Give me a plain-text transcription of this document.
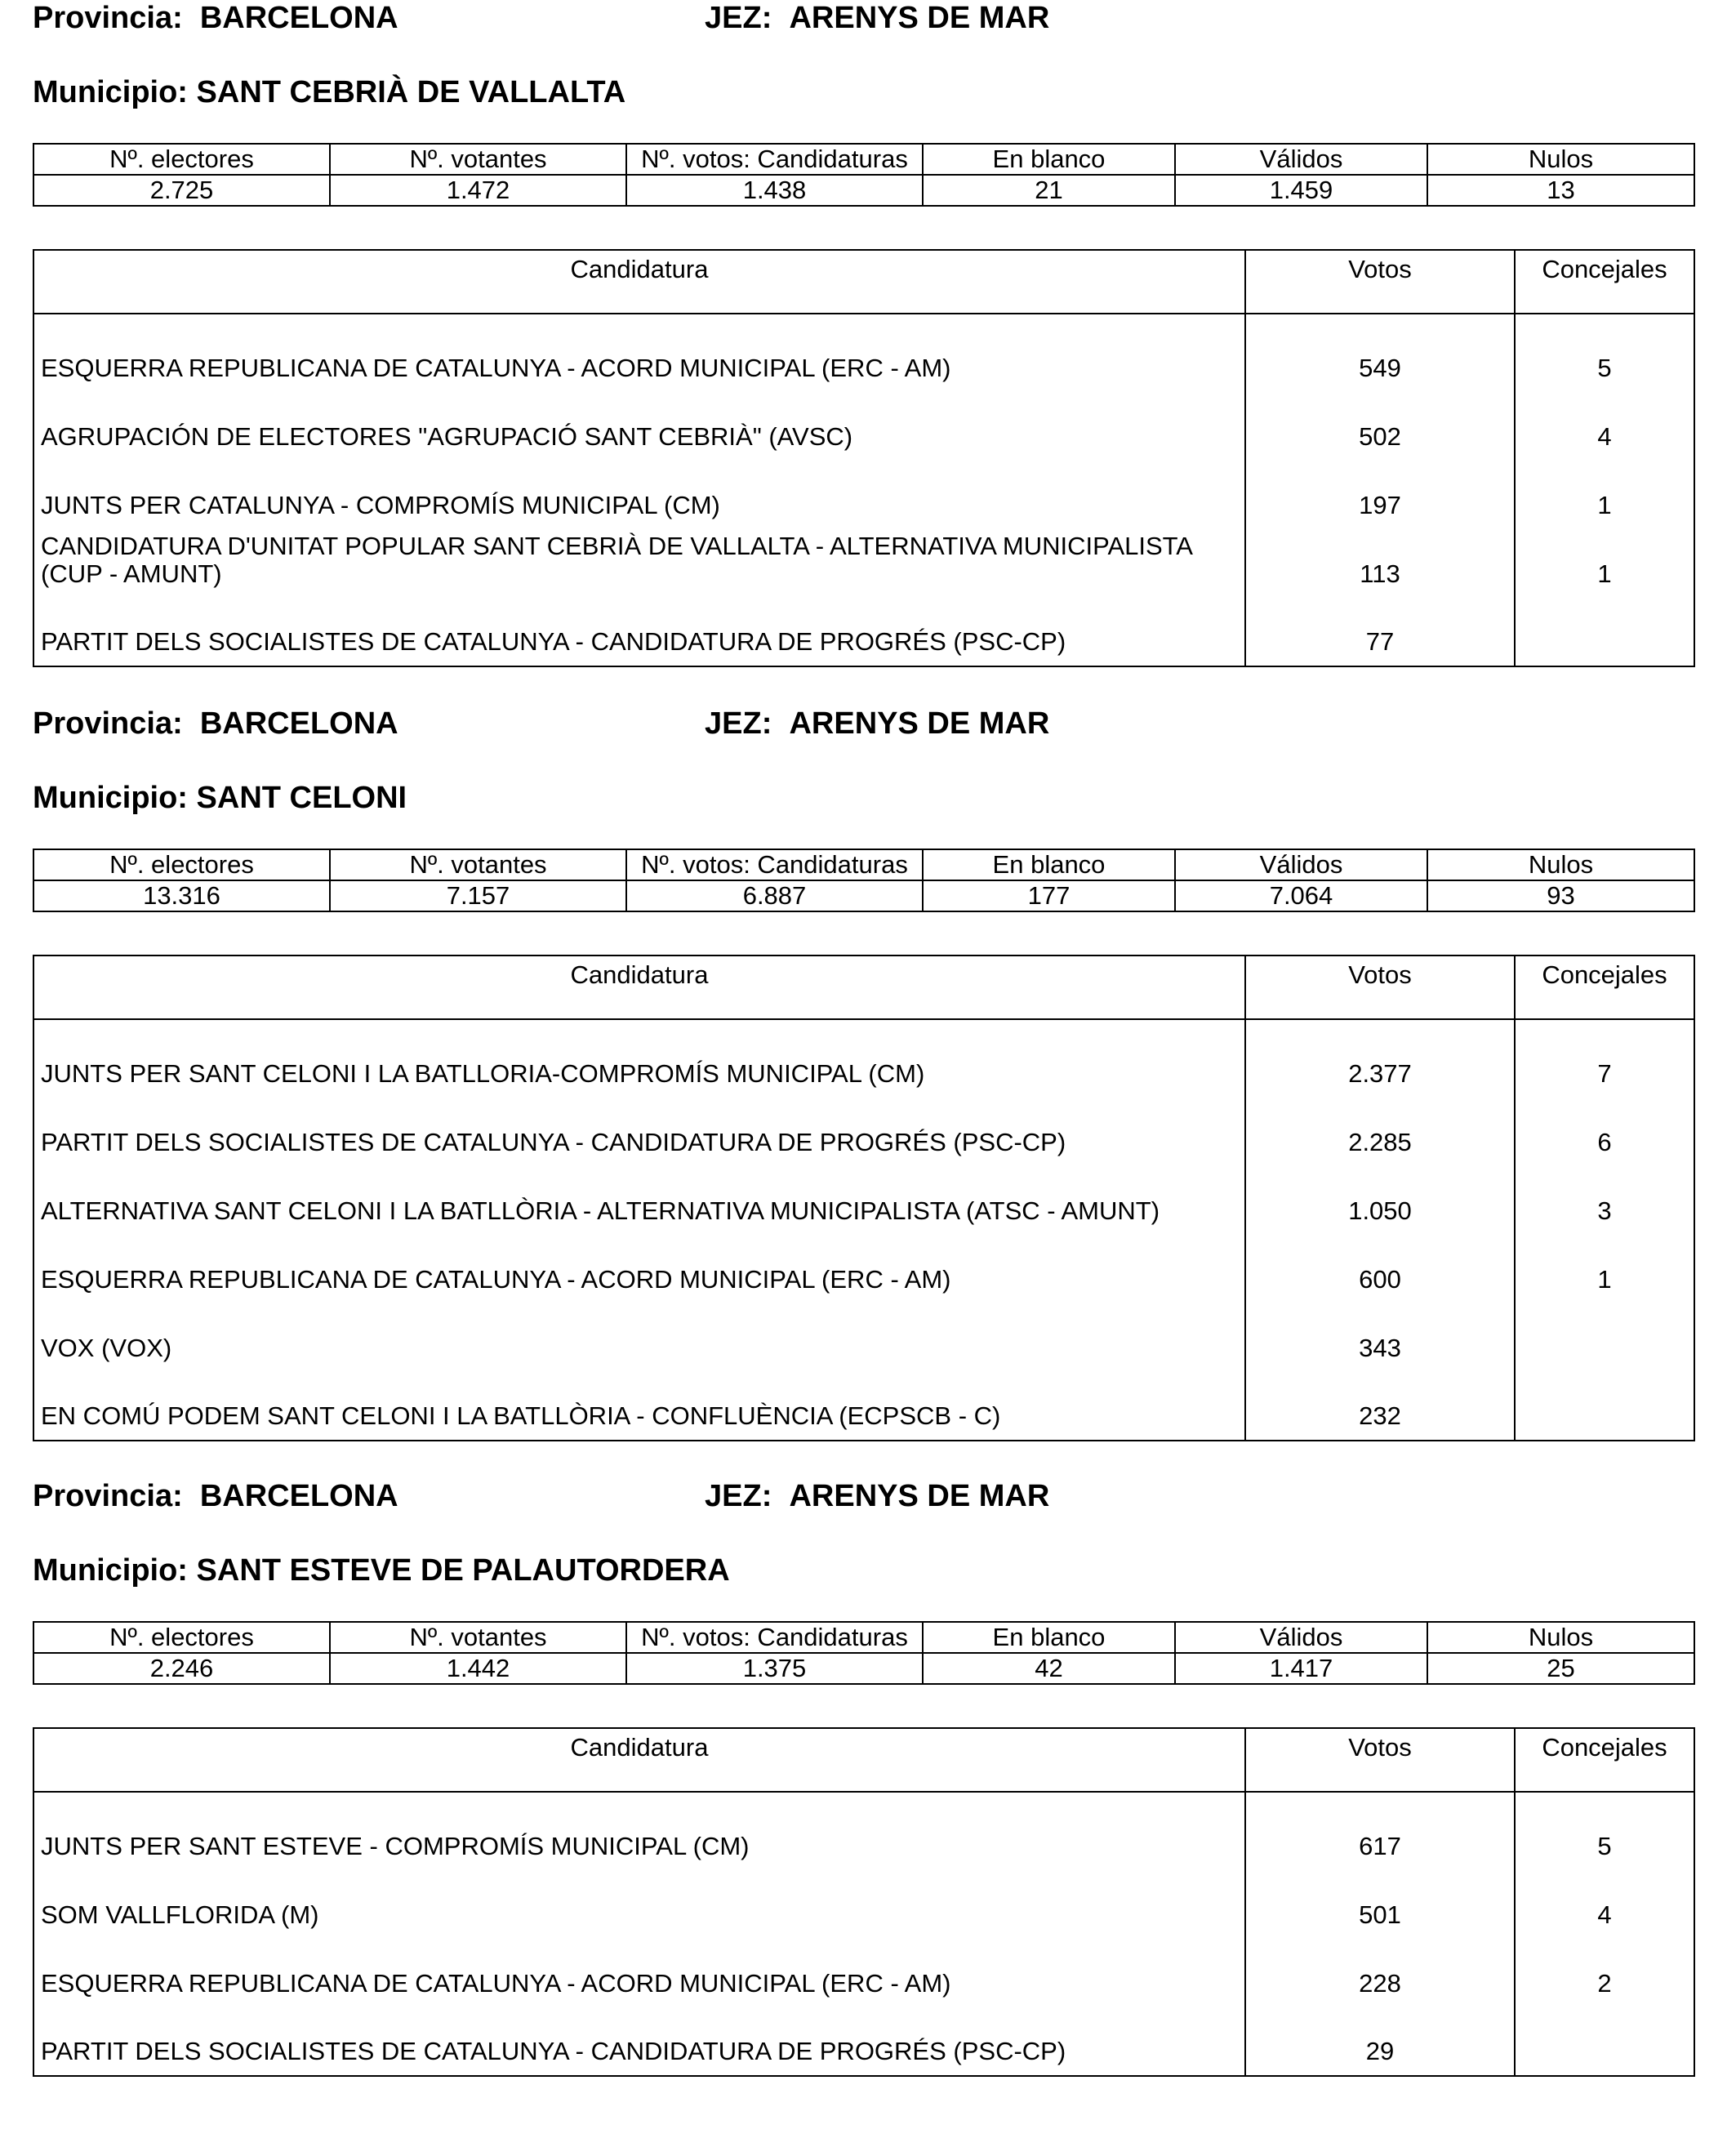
Provincia: BARCELONA	JEZ: ARENYS DE MAR
Municipio: SANT CEBRIÀ DE VALLALTA
Nº. electores	Nº. votantes	Nº. votos: Candidaturas	En blanco	Válidos	Nulos
2.725	1.472	1.438	21	1.459	13
Candidatura	Votos	Concejales
ESQUERRA REPUBLICANA DE CATALUNYA - ACORD MUNICIPAL (ERC - AM)	549	5
AGRUPACIÓN DE ELECTORES "AGRUPACIÓ SANT CEBRIÀ" (AVSC)	502	4
JUNTS PER CATALUNYA - COMPROMÍS MUNICIPAL (CM)	197	1
CANDIDATURA D'UNITAT POPULAR SANT CEBRIÀ DE VALLALTA - ALTERNATIVA MUNICIPALISTA (CUP - AMUNT)	113	1
PARTIT DELS SOCIALISTES DE CATALUNYA - CANDIDATURA DE PROGRÉS (PSC-CP)	77	
Provincia: BARCELONA	JEZ: ARENYS DE MAR
Municipio: SANT CELONI
Nº. electores	Nº. votantes	Nº. votos: Candidaturas	En blanco	Válidos	Nulos
13.316	7.157	6.887	177	7.064	93
Candidatura	Votos	Concejales
JUNTS PER SANT CELONI I LA BATLLORIA-COMPROMÍS MUNICIPAL (CM)	2.377	7
PARTIT DELS SOCIALISTES DE CATALUNYA - CANDIDATURA DE PROGRÉS (PSC-CP)	2.285	6
ALTERNATIVA SANT CELONI I LA BATLLÒRIA - ALTERNATIVA MUNICIPALISTA (ATSC - AMUNT)	1.050	3
ESQUERRA REPUBLICANA DE CATALUNYA - ACORD MUNICIPAL (ERC - AM)	600	1
VOX (VOX)	343	
EN COMÚ PODEM SANT CELONI I LA BATLLÒRIA - CONFLUÈNCIA (ECPSCB - C)	232	
Provincia: BARCELONA	JEZ: ARENYS DE MAR
Municipio: SANT ESTEVE DE PALAUTORDERA
Nº. electores	Nº. votantes	Nº. votos: Candidaturas	En blanco	Válidos	Nulos
2.246	1.442	1.375	42	1.417	25
Candidatura	Votos	Concejales
JUNTS PER SANT ESTEVE - COMPROMÍS MUNICIPAL (CM)	617	5
SOM VALLFLORIDA (M)	501	4
ESQUERRA REPUBLICANA DE CATALUNYA - ACORD MUNICIPAL (ERC - AM)	228	2
PARTIT DELS SOCIALISTES DE CATALUNYA - CANDIDATURA DE PROGRÉS (PSC-CP)	29	
